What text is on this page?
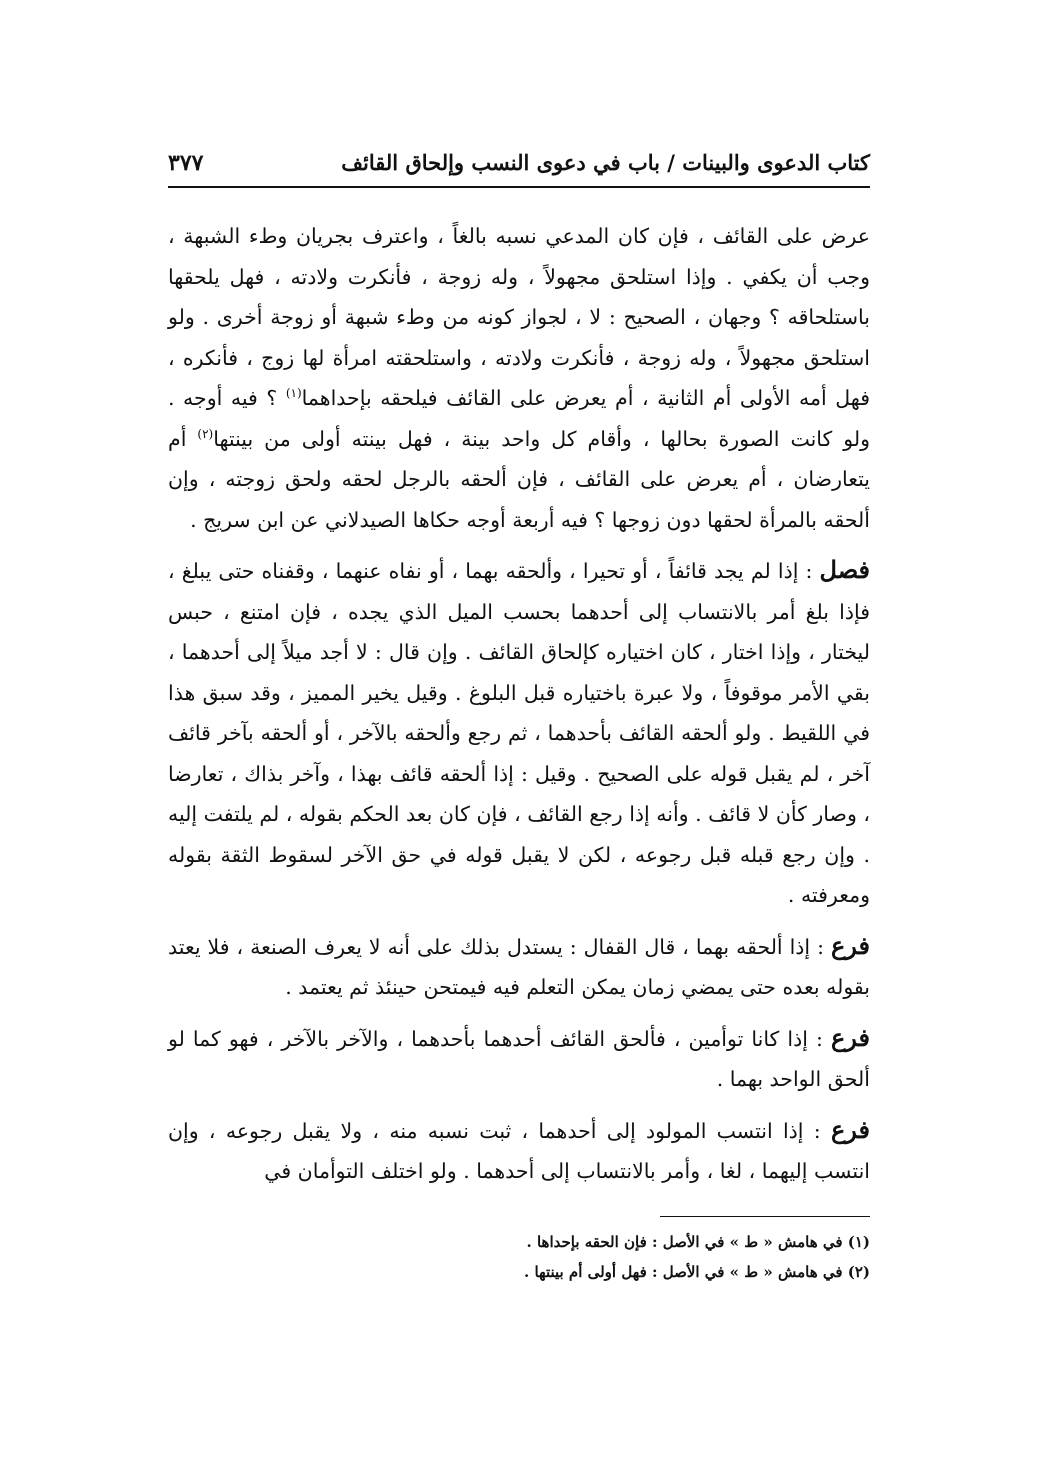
كتاب الدعوى والبينات / باب في دعوى النسب وإلحاق القائف
٣٧٧

عرض على القائف ، فإن كان المدعي نسبه بالغاً ، واعترف بجريان وطء الشبهة ، وجب أن يكفي . وإذا استلحق مجهولاً ، وله زوجة ، فأنكرت ولادته ، فهل يلحقها باستلحاقه ؟ وجهان ، الصحيح : لا ، لجواز كونه من وطء شبهة أو زوجة أخرى . ولو استلحق مجهولاً ، وله زوجة ، فأنكرت ولادته ، واستلحقته امرأة لها زوج ، فأنكره ، فهل أمه الأولى أم الثانية ، أم يعرض على القائف فيلحقه بإحداهما$^{(١)}$ ؟ فيه أوجه . ولو كانت الصورة بحالها ، وأقام كل واحد بينة ، فهل بينته أولى من بينتها$^{(٢)}$ أم يتعارضان ، أم يعرض على القائف ، فإن ألحقه بالرجل لحقه ولحق زوجته ، وإن ألحقه بالمرأة لحقها دون زوجها ؟ فيه أربعة أوجه حكاها الصيدلاني عن ابن سريج .

فصل : إذا لم يجد قائفاً ، أو تحيرا ، وألحقه بهما ، أو نفاه عنهما ، وقفناه حتى يبلغ ، فإذا بلغ أمر بالانتساب إلى أحدهما بحسب الميل الذي يجده ، فإن امتنع ، حبس ليختار ، وإذا اختار ، كان اختياره كإلحاق القائف . وإن قال : لا أجد ميلاً إلى أحدهما ، بقي الأمر موقوفاً ، ولا عبرة باختياره قبل البلوغ . وقيل يخير المميز ، وقد سبق هذا في اللقيط . ولو ألحقه القائف بأحدهما ، ثم رجع وألحقه بالآخر ، أو ألحقه بآخر قائف آخر ، لم يقبل قوله على الصحيح . وقيل : إذا ألحقه قائف بهذا ، وآخر بذاك ، تعارضا ، وصار كأن لا قائف . وأنه إذا رجع القائف ، فإن كان بعد الحكم بقوله ، لم يلتفت إليه . وإن رجع قبله قبل رجوعه ، لكن لا يقبل قوله في حق الآخر لسقوط الثقة بقوله ومعرفته .

فرع : إذا ألحقه بهما ، قال القفال : يستدل بذلك على أنه لا يعرف الصنعة ، فلا يعتد بقوله بعده حتى يمضي زمان يمكن التعلم فيه فيمتحن حينئذ ثم يعتمد .

فرع : إذا كانا توأمين ، فألحق القائف أحدهما بأحدهما ، والآخر بالآخر ، فهو كما لو ألحق الواحد بهما .

فرع : إذا انتسب المولود إلى أحدهما ، ثبت نسبه منه ، ولا يقبل رجوعه ، وإن انتسب إليهما ، لغا ، وأمر بالانتساب إلى أحدهما . ولو اختلف التوأمان في

(١) في هامش « ط » في الأصل : فإن الحقه بإحداها .

(٢) في هامش « ط » في الأصل : فهل أولى أم بينتها .
